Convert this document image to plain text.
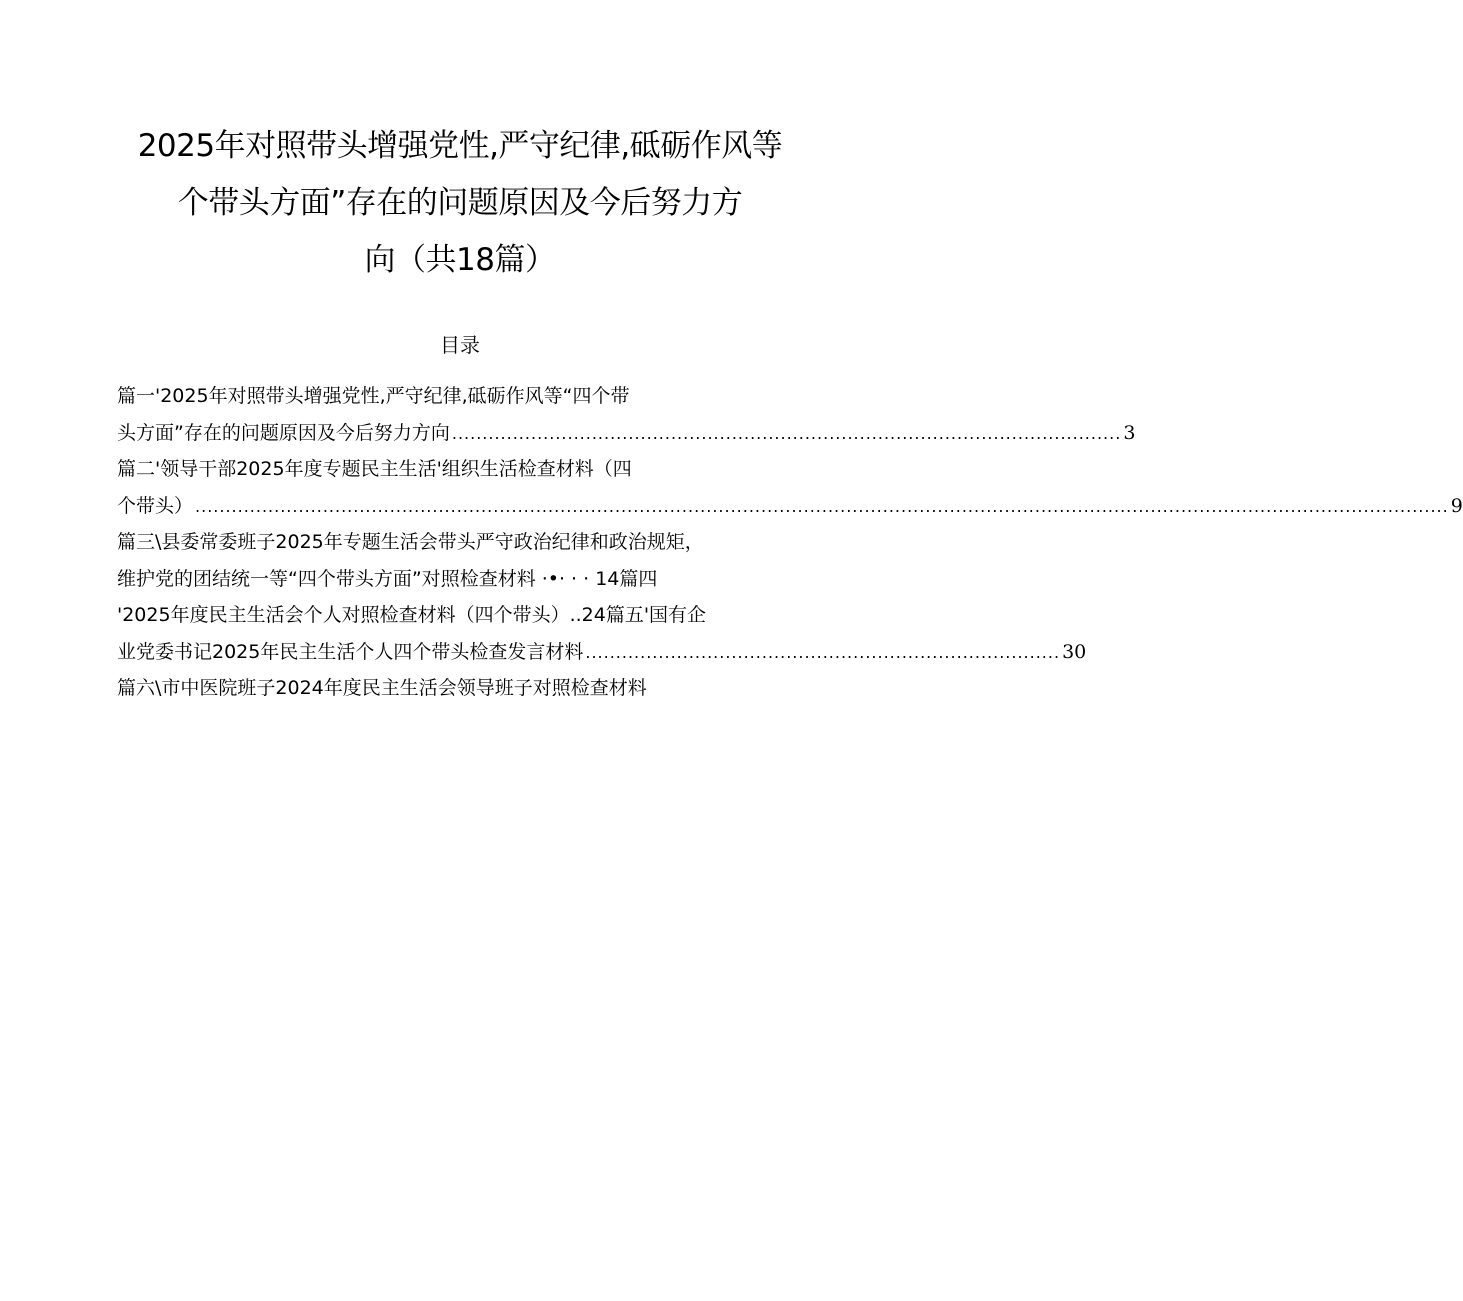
2025年对照带头增强党性,严守纪律,砥砺作风等
个带头方面”存在的问题原因及今后努力方
向（共18篇）
目录
篇一'2025年对照带头增强党性,严守纪律,砥砺作风等“四个带
头方面”存在的问题原因及今后努力方向 .............................................................................................................. 3
篇二'领导干部2025年度专题民主生活'组织生活检查材料（四
个带头） .............................................................................................................................................................................................................. 9
篇三\县委常委班子2025年专题生活会带头严守政治纪律和政治规矩，
维护党的团结统一等“四个带头方面”对照检查材料 ·•· · · 14篇四
'2025年度民主生活会个人对照检查材料（四个带头）..24篇五'国有企
业党委书记2025年民主生活个人四个带头检查发言材料 .............................................................................. 30
篇六\市中医院班子2024年度民主生活会领导班子对照检查材料
